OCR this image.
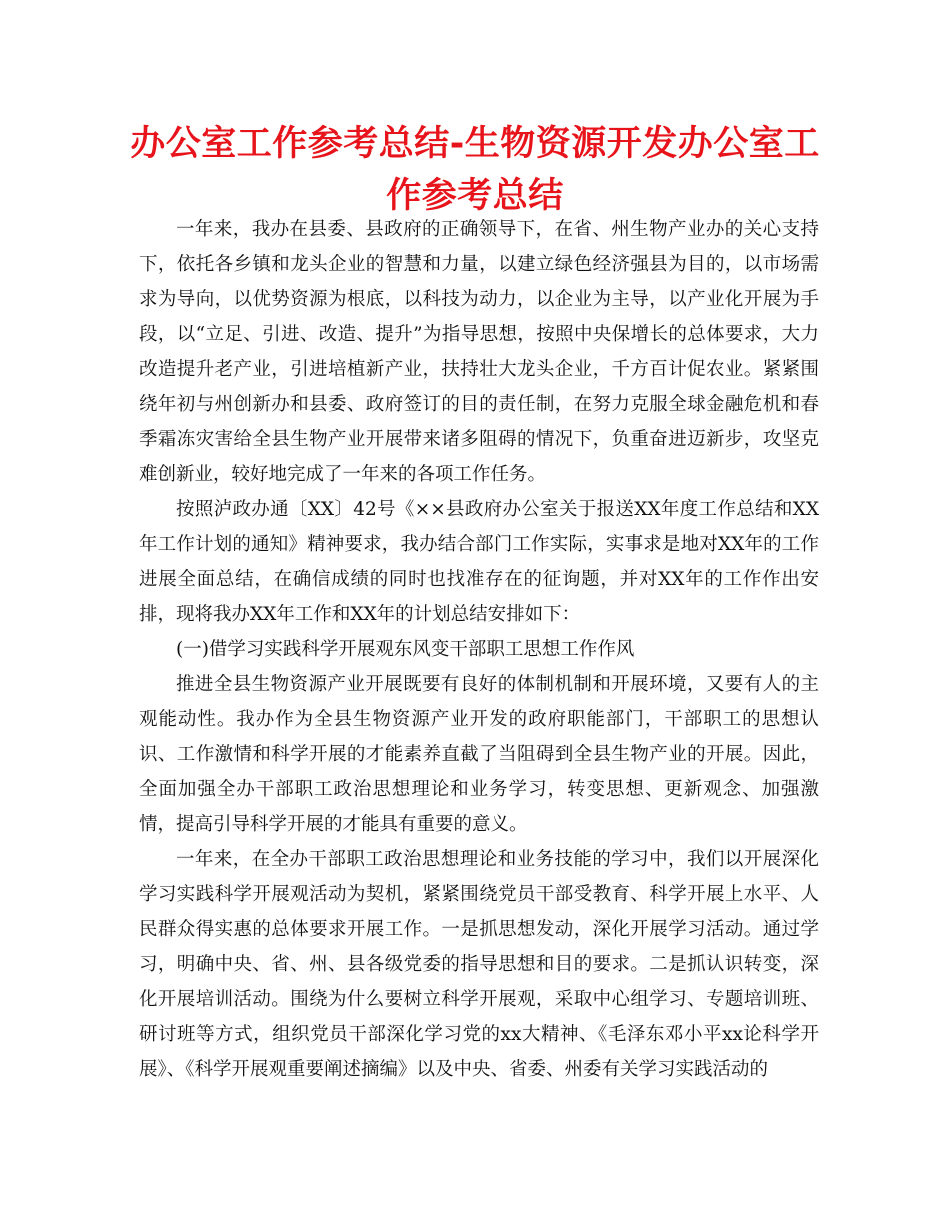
办公室工作参考总结-生物资源开发办公室工作参考总结

一年来，我办在县委、县政府的正确领导下，在省、州生物产业办的关心支持下，依托各乡镇和龙头企业的智慧和力量，以建立绿色经济强县为目的，以市场需求为导向，以优势资源为根底，以科技为动力，以企业为主导，以产业化开展为手段，以“立足、引进、改造、提升”为指导思想，按照中央保增长的总体要求，大力改造提升老产业，引进培植新产业，扶持壮大龙头企业，千方百计促农业。紧紧围绕年初与州创新办和县委、政府签订的目的责任制，在努力克服全球金融危机和春季霜冻灾害给全县生物产业开展带来诸多阻碍的情况下，负重奋进迈新步，攻坚克难创新业，较好地完成了一年来的各项工作任务。

按照泸政办通〔XX〕42号《××县政府办公室关于报送XX年度工作总结和XX年工作计划的通知》精神要求，我办结合部门工作实际，实事求是地对XX年的工作进展全面总结，在确信成绩的同时也找准存在的征询题，并对XX年的工作作出安排，现将我办XX年工作和XX年的计划总结安排如下：

(一)借学习实践科学开展观东风变干部职工思想工作作风

推进全县生物资源产业开展既要有良好的体制机制和开展环境，又要有人的主观能动性。我办作为全县生物资源产业开发的政府职能部门，干部职工的思想认识、工作激情和科学开展的才能素养直截了当阻碍到全县生物产业的开展。因此，全面加强全办干部职工政治思想理论和业务学习，转变思想、更新观念、加强激情，提高引导科学开展的才能具有重要的意义。

一年来，在全办干部职工政治思想理论和业务技能的学习中，我们以开展深化学习实践科学开展观活动为契机，紧紧围绕党员干部受教育、科学开展上水平、人民群众得实惠的总体要求开展工作。一是抓思想发动，深化开展学习活动。通过学习，明确中央、省、州、县各级党委的指导思想和目的要求。二是抓认识转变，深化开展培训活动。围绕为什么要树立科学开展观，采取中心组学习、专题培训班、研讨班等方式，组织党员干部深化学习党的xx大精神、《毛泽东邓小平xx论科学开展》、《科学开展观重要阐述摘编》以及中央、省委、州委有关学习实践活动的
